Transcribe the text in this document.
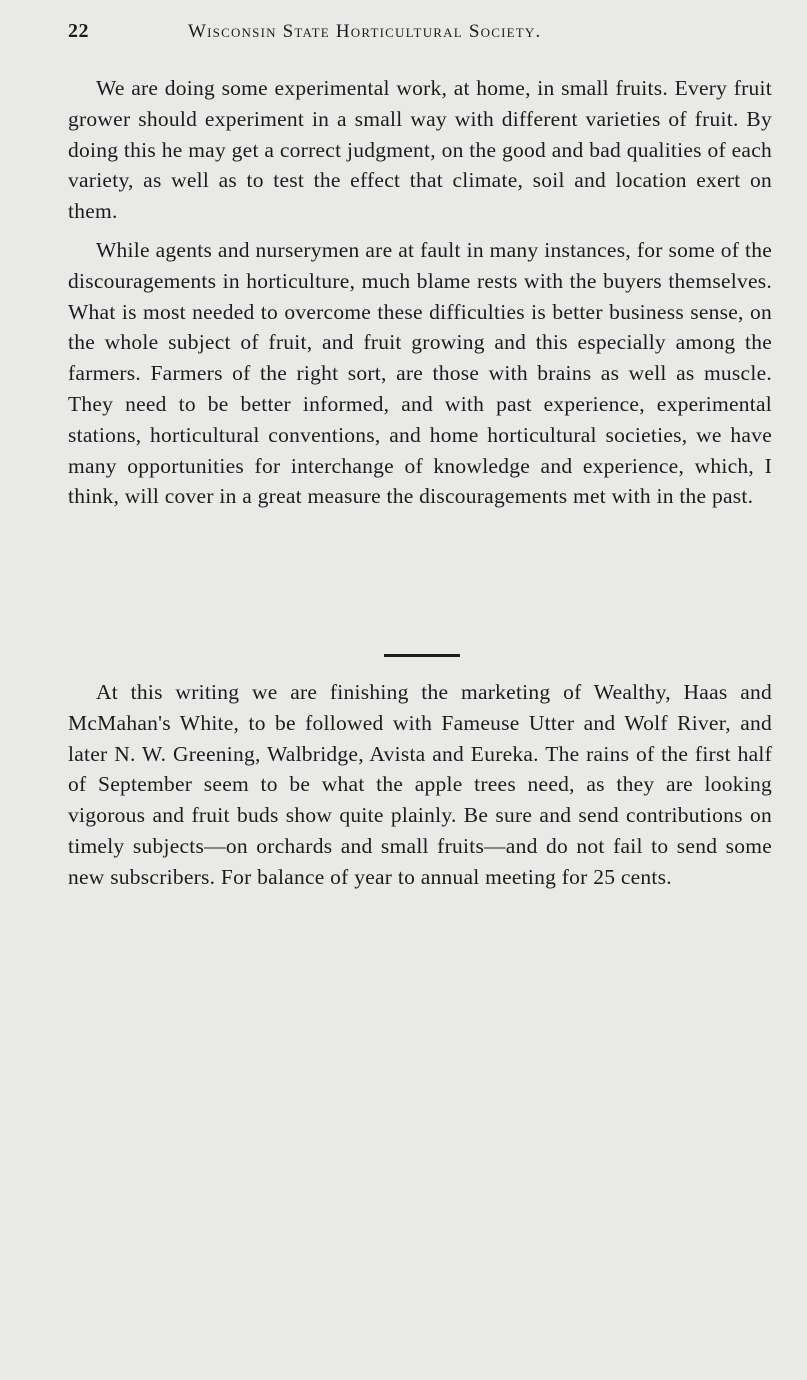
22	Wisconsin State Horticultural Society.

We are doing some experimental work, at home, in small fruits. Every fruit grower should experiment in a small way with different varieties of fruit. By doing this he may get a correct judgment, on the good and bad qualities of each variety, as well as to test the effect that climate, soil and location exert on them.

While agents and nurserymen are at fault in many instances, for some of the discouragements in horticulture, much blame rests with the buyers themselves. What is most needed to overcome these difficulties is better business sense, on the whole subject of fruit, and fruit growing and this especially among the farmers. Farmers of the right sort, are those with brains as well as muscle. They need to be better informed, and with past experience, experimental stations, horticultural conventions, and home horticultural societies, we have many opportunities for interchange of knowledge and experience, which, I think, will cover in a great measure the discouragements met with in the past.

At this writing we are finishing the marketing of Wealthy, Haas and McMahan's White, to be followed with Fameuse Utter and Wolf River, and later N. W. Greening, Walbridge, Avista and Eureka. The rains of the first half of September seem to be what the apple trees need, as they are looking vigorous and fruit buds show quite plainly. Be sure and send contributions on timely subjects—on orchards and small fruits—and do not fail to send some new subscribers. For balance of year to annual meeting for 25 cents.
